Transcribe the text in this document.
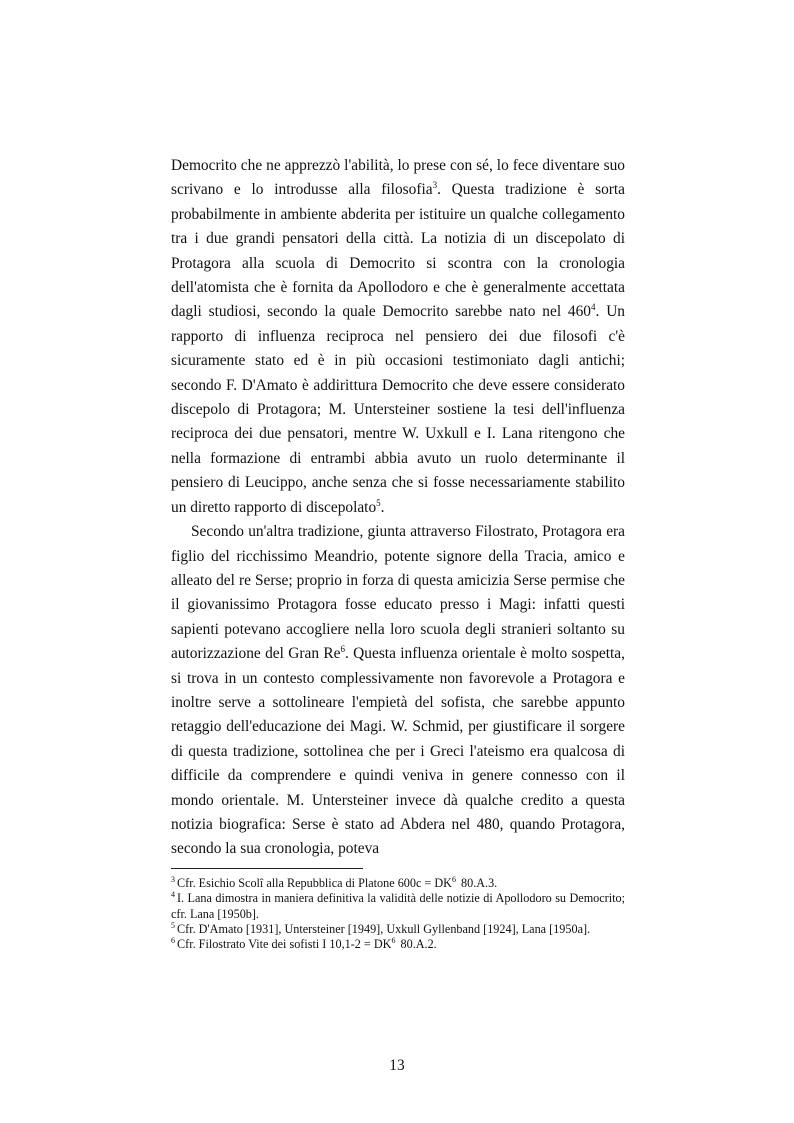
Democrito che ne apprezzò l'abilità, lo prese con sé, lo fece diventare suo scrivano e lo introdusse alla filosofia$^3$. Questa tradizione è sorta probabilmente in ambiente abderita per istituire un qualche collegamento tra i due grandi pensatori della città. La notizia di un discepolato di Protagora alla scuola di Democrito si scontra con la cronologia dell'atomista che è fornita da Apollodoro e che è generalmente accettata dagli studiosi, secondo la quale Democrito sarebbe nato nel $460^4$. Un rapporto di influenza reciproca nel pensiero dei due filosofi c'è sicuramente stato ed è in più occasioni testimoniato dagli antichi; secondo F. D'Amato è addirittura Democrito che deve essere considerato discepolo di Protagora; M. Untersteiner sostiene la tesi dell'influenza reciproca dei due pensatori, mentre W. Uxkull e I. Lana ritengono che nella formazione di entrambi abbia avuto un ruolo determinante il pensiero di Leucippo, anche senza che si fosse necessariamente stabilito un diretto rapporto di discepolato$^5$.

Secondo un'altra tradizione, giunta attraverso Filostrato, Protagora era figlio del ricchissimo Meandrio, potente signore della Tracia, amico e alleato del re Serse; proprio in forza di questa amicizia Serse permise che il giovanissimo Protagora fosse educato presso i Magi: infatti questi sapienti potevano accogliere nella loro scuola degli stranieri soltanto su autorizzazione del Gran Re$^6$. Questa influenza orientale è molto sospetta, si trova in un contesto complessivamente non favorevole a Protagora e inoltre serve a sottolineare l'empietà del sofista, che sarebbe appunto retaggio dell'educazione dei Magi. W. Schmid, per giustificare il sorgere di questa tradizione, sottolinea che per i Greci l'ateismo era qualcosa di difficile da comprendere e quindi veniva in genere connesso con il mondo orientale. M. Untersteiner invece dà qualche credito a questa notizia biografica: Serse è stato ad Abdera nel 480, quando Protagora, secondo la sua cronologia, poteva

$^3$ Cfr. Esichio Scolî alla Repubblica di Platone $600c = DK^6$ 80.A.3.

$^4$ I. Lana dimostra in maniera definitiva la validità delle notizie di Apollodoro su Democrito; cfr. Lana [1950b].

$^5$ Cfr. D'Amato [1931], Untersteiner [1949], Uxkull Gyllenband [1924], Lana [1950a].

$^6$ Cfr. Filostrato Vite dei sofisti I $10,1-2 = DK^6$ 80.A.2.

13
